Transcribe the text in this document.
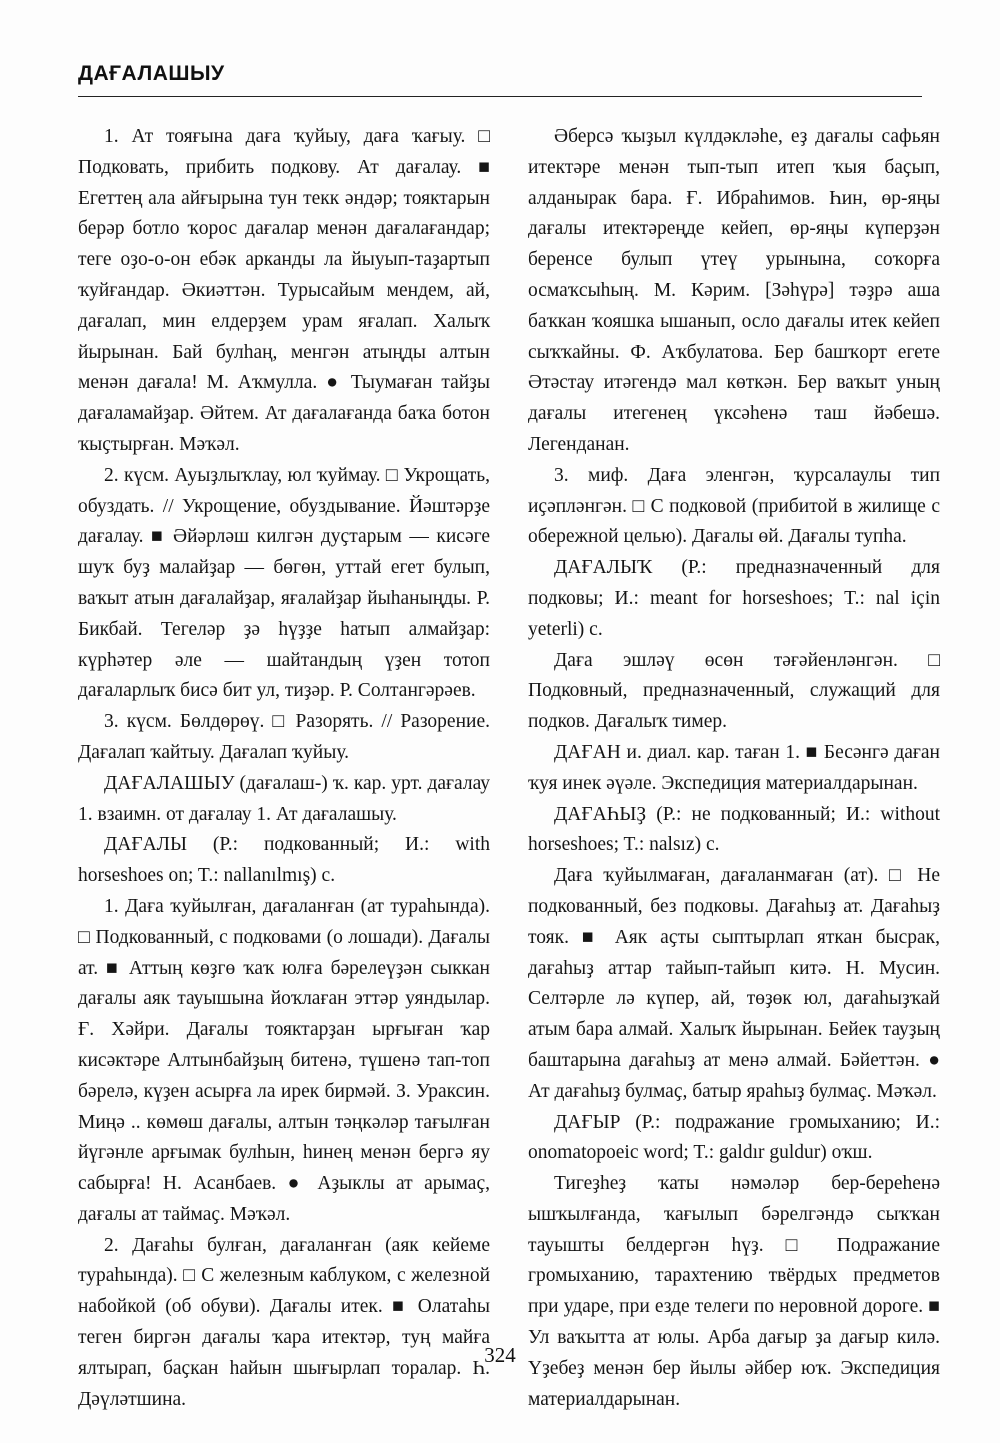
ДАҒАЛАШЫУ

1. Ат тояғына даға ҡуйыу, даға ҡағыу. □ Подковать, прибить подкову. Ат дағалау. ■ Егеттең ала айғырына тун текк әндәр; тояктарын берәр ботло ҡорос дағалар менән дағалағандар; теге оҙо-о-он ебәк арканды ла йыуып-таҙартып ҡуйғандар. Әкиәттән. Турысайым мендем, ай, дағалап, мин елдерҙем урам яғалап. Халыҡ йырынан. Бай булһаң, менгән атыңды алтын менән дағала! М. Аҡмулла. ● Тыумаған тайҙы дағаламайҙар. Әйтем. Ат дағалағанда баҡа ботон ҡыҫтырған. Мәҡәл.

2. күсм. Ауыҙлыҡлау, юл ҡуймау. □ Укрощать, обуздать. // Укрощение, обуздывание. Йәштәрҙе дағалау. ■ Әйәрләш килгән дуҫтарым — кисәге шуҡ буҙ малайҙар — бөгөн, уттай егет булып, ваҡыт атын дағалайҙар, яғалайҙар йыһаныңды. Р. Бикбай. Тегеләр ҙә һүҙҙе һатып алмайҙар: күрһәтер әле — шайтандың үҙен тотоп дағаларлыҡ бисә бит ул, тиҙәр. Р. Солтангәрәев.

3. күсм. Бөлдөрөү. □ Разорять. // Разорение. Дағалап ҡайтыу. Дағалап ҡуйыу.

ДАҒАЛАШЫУ (дағалаш-) ҡ. кар. урт. дағалау 1. взаимн. от дағалау 1. Ат дағалашыу.

ДАҒАЛЫ (Р.: подкованный; И.: with horseshoes on; T.: nallanılmış) с.

1. Даға ҡуйылған, дағаланған (ат тураһында). □ Подкованный, с подковами (о лошади). Дағалы ат. ■ Аттың көҙгө ҡаҡ юлға бәрелеүҙән сыккан дағалы аяк тауышына йоҡлаған эттәр уяндылар. Ғ. Хәйри. Дағалы тояктарҙан ырғыған ҡар кисәктәре Алтынбайҙың битенә, түшенә тап-топ бәрелә, күҙен асырға ла ирек бирмәй. З. Ураксин. Миңә .. көмөш дағалы, алтын тәңкәләр тағылған йүгәнле арғымак булһын, һинең менән бергә яу сабырға! Н. Асанбаев. ● Аҙыклы ат арымаҫ, дағалы ат таймаҫ. Мәҡәл.

2. Дағаһы булған, дағаланған (аяк кейеме тураһында). □ С железным каблуком, с железной набойкой (об обуви). Дағалы итек. ■ Олатаһы теген биргән дағалы ҡара итектәр, туң майға ялтырап, баҫкан һайын шығырлап торалар. Һ. Дәүләтшина.

Әберсә ҡыҙыл күлдәкләһе, еҙ дағалы сафьян итектәре менән тып-тып итеп ҡыя баҫып, алданырак бара. Ғ. Ибраһимов. Һин, өр-яңы дағалы итектәреңде кейеп, өр-яңы күперҙән беренсе булып үтеү урынына, соҡорға осмаҡсыһың. М. Кәрим. [Зәһүрә] тәҙрә аша баҡкан ҡояшка ышанып, осло дағалы итек кейеп сыҡҡайны. Ф. Аҡбулатова. Бер башҡорт егете Әтәстау итәгендә мал көткән. Бер ваҡыт уның дағалы итегенең үксәһенә таш йәбешә. Легенданан.

3. миф. Дағa эленгән, ҡурсалаулы тип иҫәпләнгән. □ С подковой (прибитой в жилище с обережной целью). Дағалы өй. Дағалы тупһа.

ДАҒАЛЫҠ (Р.: предназначенный для подковы; И.: meant for horseshoes; T.: nal için yeterli) с.

Дағa эшләү өсөн тәғәйенләнгән. □ Подковный, предназначенный, служащий для подков. Дағалыҡ тимер.

ДАҒАН и. диал. кар. таған 1. ■ Бесәнгә даған ҡуя инек әүәле. Экспедиция материалдарынан.

ДАҒАҺЫҘ (Р.: не подкованный; И.: without horseshoes; T.: nalsız) с.

Дағa ҡуйылмаған, дағаланмаған (ат). □ Не подкованный, без подковы. Дағаһыҙ ат. Дағаһыҙ тояк. ■ Аяк аҫты сыптырлап яткан бысрак, дағаһыҙ аттар тайып-тайып китә. Н. Мусин. Селтәрле лә күпер, ай, төҙөк юл, дағаһыҙҡай атым бара алмай. Халыҡ йырынан. Бейек тауҙың баштарына дағаһыҙ ат менә алмай. Бәйеттән. ● Ат дағаһыҙ булмаҫ, батыр яраһыҙ булмаҫ. Мәҡәл.

ДАҒЫР (Р.: подражание громыханию; И.: onomatopoeic word; T.: galdır guldur) оҡш.

Тигеҙһеҙ ҡаты нәмәләр бер-береһенә ышҡылғанда, ҡағылып бәрелгәндә сыҡҡан тауышты белдергән һүҙ. □ Подражание громыханию, тарахтению твёрдых предметов при ударе, при езде телеги по неровной дороге. ■ Ул ваҡытта ат юлы. Арба дағыр ҙа дағыр килә. Үҙебеҙ менән бер йылы әйбер юҡ. Экспедиция материалдарынан.

324
